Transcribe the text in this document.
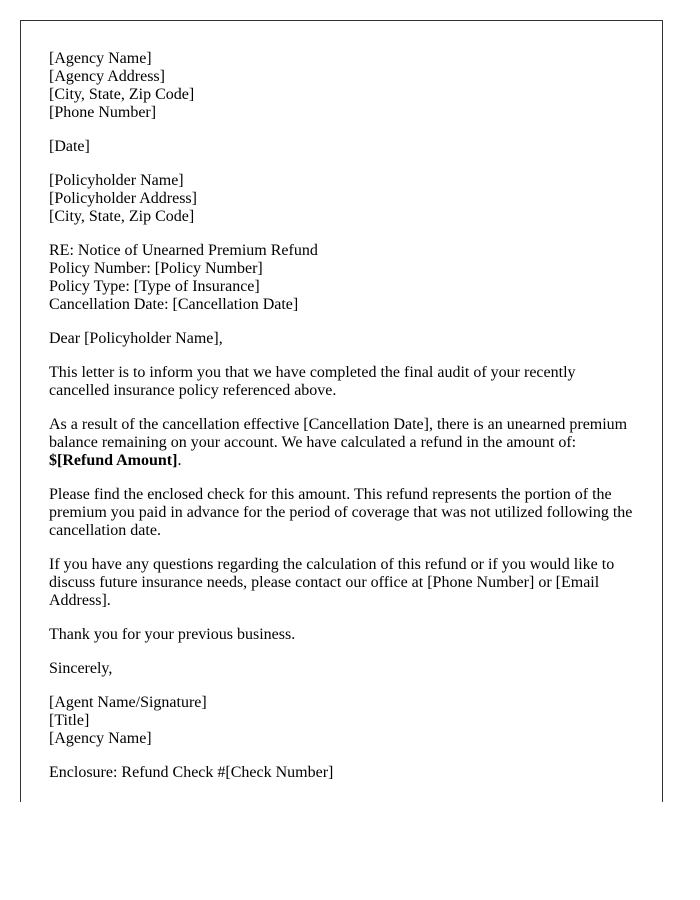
[Agency Name]
[Agency Address]
[City, State, Zip Code]
[Phone Number]

[Date]

[Policyholder Name]
[Policyholder Address]
[City, State, Zip Code]

RE: Notice of Unearned Premium Refund
Policy Number: [Policy Number]
Policy Type: [Type of Insurance]
Cancellation Date: [Cancellation Date]

Dear [Policyholder Name],

This letter is to inform you that we have completed the final audit of your recently cancelled insurance policy referenced above.

As a result of the cancellation effective [Cancellation Date], there is an unearned premium balance remaining on your account. We have calculated a refund in the amount of:
$[Refund Amount].

Please find the enclosed check for this amount. This refund represents the portion of the premium you paid in advance for the period of coverage that was not utilized following the cancellation date.

If you have any questions regarding the calculation of this refund or if you would like to discuss future insurance needs, please contact our office at [Phone Number] or [Email Address].

Thank you for your previous business.

Sincerely,

[Agent Name/Signature]
[Title]
[Agency Name]

Enclosure: Refund Check #[Check Number]
